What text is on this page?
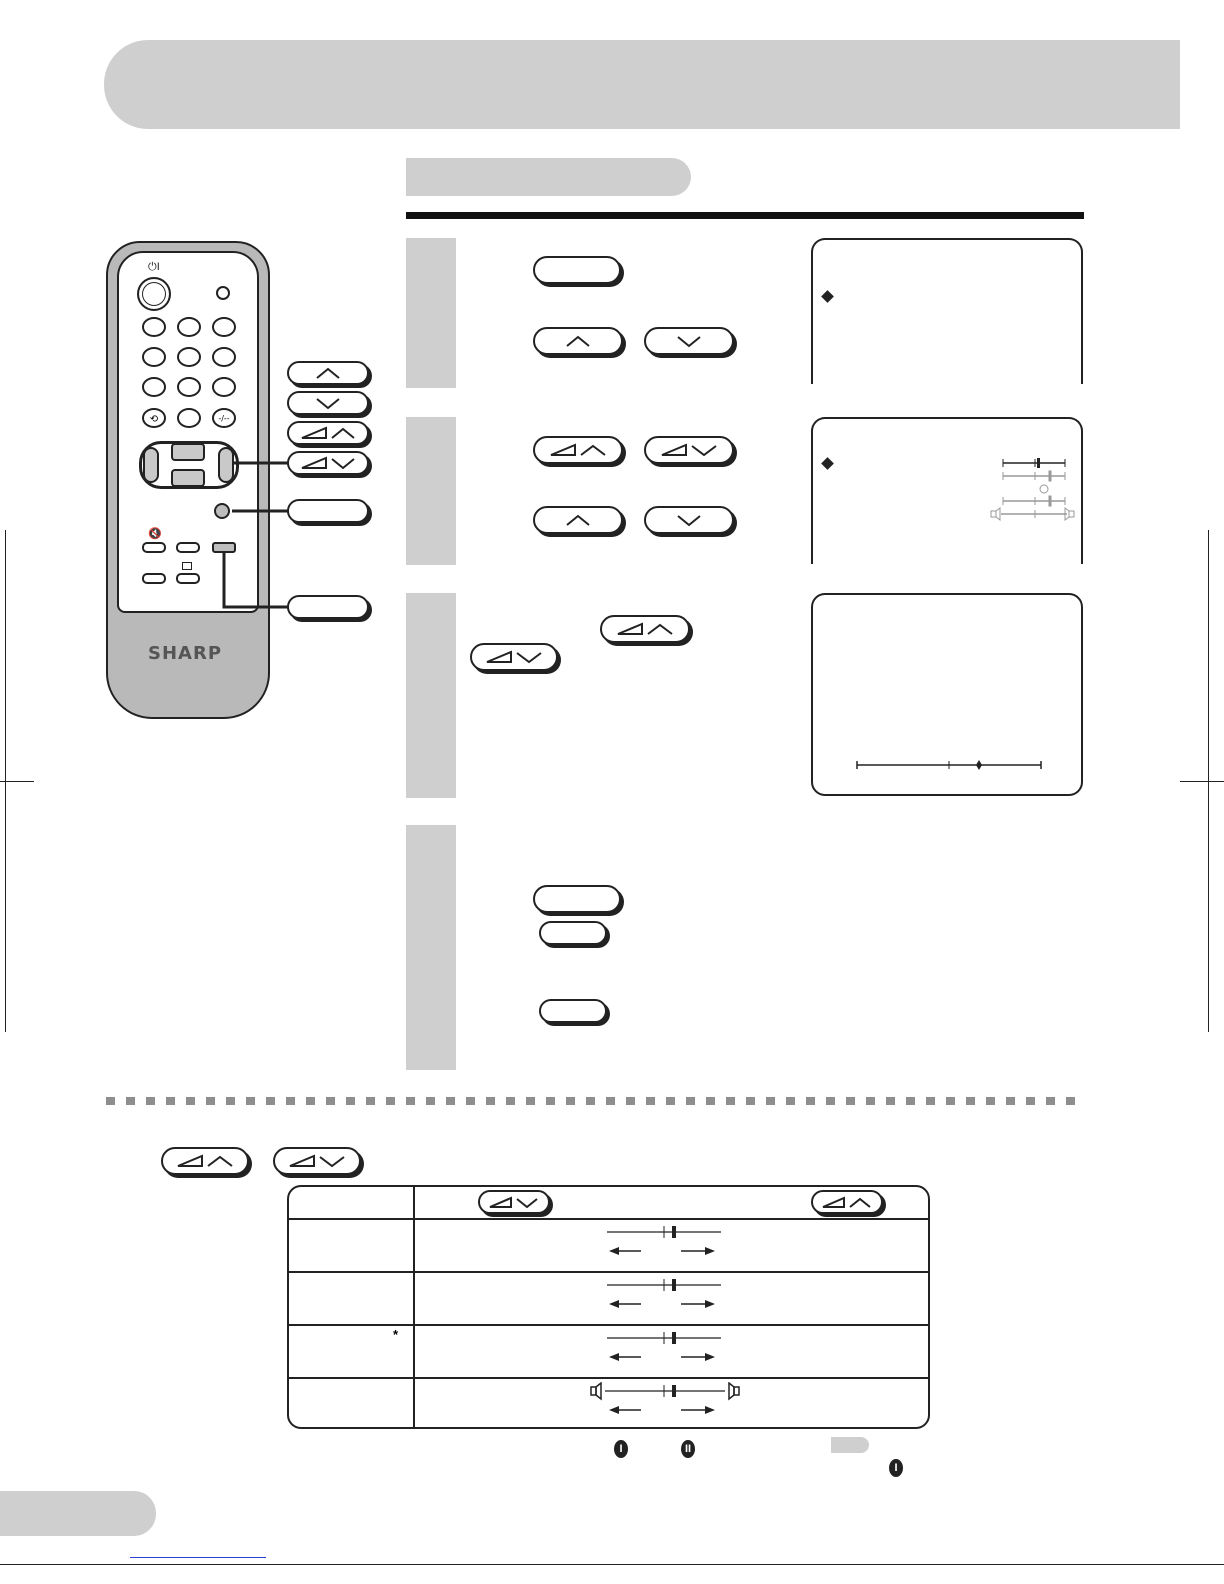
⏻I
⟲	-/--
🔇
SHARP
*
I	II
I
